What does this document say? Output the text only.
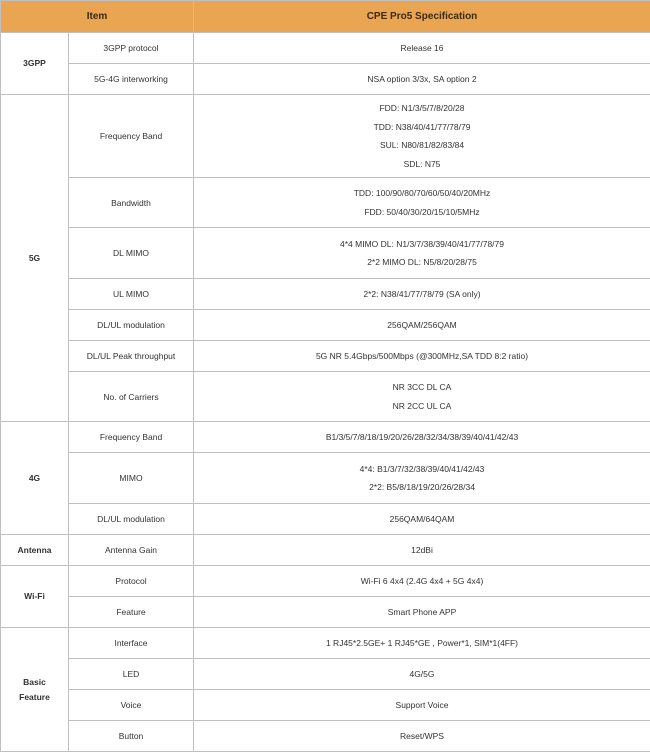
Item		CPE Pro5 Specification

3GPP	3GPP protocol	Release 16

	5G-4G interworking	NSA option 3/3x, SA option 2

5G	Frequency Band	FDD: N1/3/5/7/8/20/28
TDD: N38/40/41/77/78/79
SUL: N80/81/82/83/84
SDL: N75

	Bandwidth	TDD: 100/90/80/70/60/50/40/20MHz
FDD: 50/40/30/20/15/10/5MHz

	DL MIMO	4*4 MIMO DL: N1/3/7/38/39/40/41/77/78/79
2*2 MIMO DL: N5/8/20/28/75

	UL MIMO	2*2: N38/41/77/78/79 (SA only)

	DL/UL modulation	256QAM/256QAM

	DL/UL Peak throughput	5G NR 5.4Gbps/500Mbps (@300MHz,SA TDD 8:2 ratio)

	No. of Carriers	NR 3CC DL CA
NR 2CC UL CA

4G	Frequency Band	B1/3/5/7/8/18/19/20/26/28/32/34/38/39/40/41/42/43

	MIMO	4*4: B1/3/7/32/38/39/40/41/42/43
2*2: B5/8/18/19/20/26/28/34

	DL/UL modulation	256QAM/64QAM

Antenna	Antenna Gain	12dBi

Wi-Fi	Protocol	Wi-Fi 6 4x4 (2.4G 4x4 + 5G 4x4)

	Feature	Smart Phone APP

Basic
Feature	Interface	1 RJ45*2.5GE+ 1 RJ45*GE , Power*1, SIM*1(4FF)

	LED	4G/5G

	Voice	Support Voice

	Button	Reset/WPS
